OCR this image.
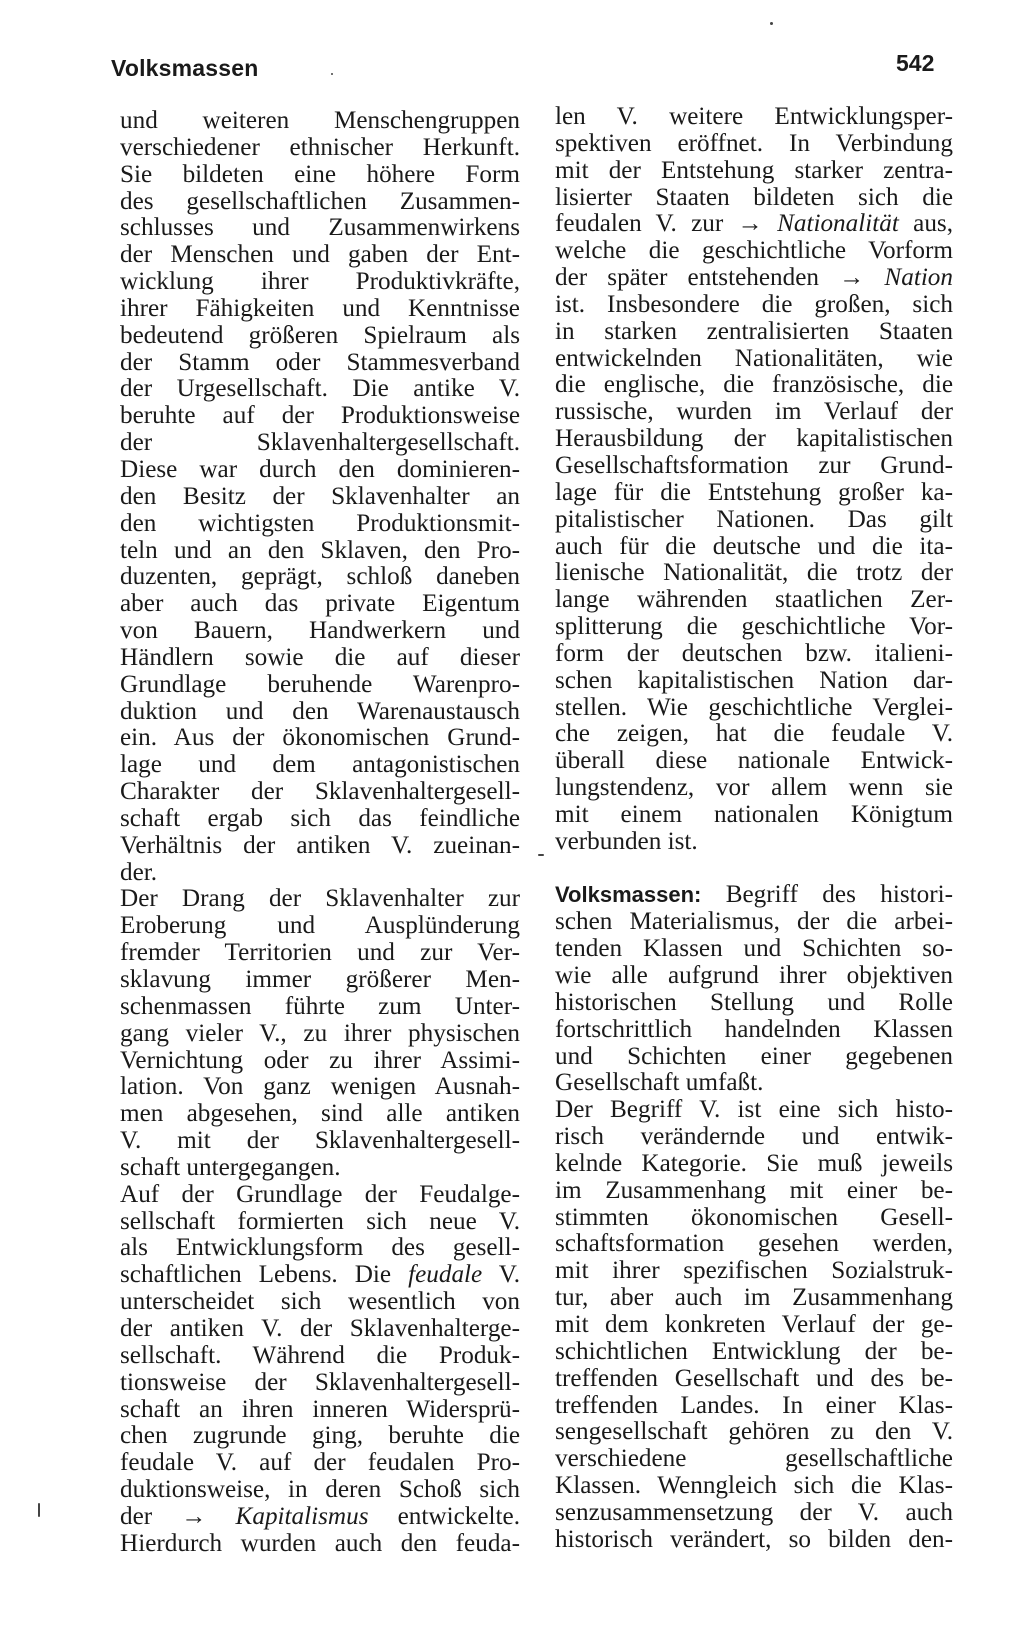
Volksmassen	542
und weiteren Menschengruppen
verschiedener ethnischer Herkunft.
Sie bildeten eine höhere Form
des gesellschaftlichen Zusammen-
schlusses und Zusammenwirkens
der Menschen und gaben der Ent-
wicklung ihrer Produktivkräfte,
ihrer Fähigkeiten und Kenntnisse
bedeutend größeren Spielraum als
der Stamm oder Stammesverband
der Urgesellschaft. Die antike V.
beruhte auf der Produktionsweise
der Sklavenhaltergesellschaft.
Diese war durch den dominieren-
den Besitz der Sklavenhalter an
den wichtigsten Produktionsmit-
teln und an den Sklaven, den Pro-
duzenten, geprägt, schloß daneben
aber auch das private Eigentum
von Bauern, Handwerkern und
Händlern sowie die auf dieser
Grundlage beruhende Warenpro-
duktion und den Warenaustausch
ein. Aus der ökonomischen Grund-
lage und dem antagonistischen
Charakter der Sklavenhaltergesell-
schaft ergab sich das feindliche
Verhältnis der antiken V. zueinan-
der.
Der Drang der Sklavenhalter zur
Eroberung und Ausplünderung
fremder Territorien und zur Ver-
sklavung immer größerer Men-
schenmassen führte zum Unter-
gang vieler V., zu ihrer physischen
Vernichtung oder zu ihrer Assimi-
lation. Von ganz wenigen Ausnah-
men abgesehen, sind alle antiken
V. mit der Sklavenhaltergesell-
schaft untergegangen.
Auf der Grundlage der Feudalge-
sellschaft formierten sich neue V.
als Entwicklungsform des gesell-
schaftlichen Lebens. Die feudale V.
unterscheidet sich wesentlich von
der antiken V. der Sklavenhalterge-
sellschaft. Während die Produk-
tionsweise der Sklavenhaltergesell-
schaft an ihren inneren Widersprü-
chen zugrunde ging, beruhte die
feudale V. auf der feudalen Pro-
duktionsweise, in deren Schoß sich
der → Kapitalismus entwickelte.
Hierdurch wurden auch den feuda-
len V. weitere Entwicklungsper-
spektiven eröffnet. In Verbindung
mit der Entstehung starker zentra-
lisierter Staaten bildeten sich die
feudalen V. zur → Nationalität aus,
welche die geschichtliche Vorform
der später entstehenden → Nation
ist. Insbesondere die großen, sich
in starken zentralisierten Staaten
entwickelnden Nationalitäten, wie
die englische, die französische, die
russische, wurden im Verlauf der
Herausbildung der kapitalistischen
Gesellschaftsformation zur Grund-
lage für die Entstehung großer ka-
pitalistischer Nationen. Das gilt
auch für die deutsche und die ita-
lienische Nationalität, die trotz der
lange währenden staatlichen Zer-
splitterung die geschichtliche Vor-
form der deutschen bzw. italieni-
schen kapitalistischen Nation dar-
stellen. Wie geschichtliche Verglei-
che zeigen, hat die feudale V.
überall diese nationale Entwick-
lungstendenz, vor allem wenn sie
mit einem nationalen Königtum
verbunden ist.
Volksmassen: Begriff des histori-
schen Materialismus, der die arbei-
tenden Klassen und Schichten so-
wie alle aufgrund ihrer objektiven
historischen Stellung und Rolle
fortschrittlich handelnden Klassen
und Schichten einer gegebenen
Gesellschaft umfaßt.
Der Begriff V. ist eine sich histo-
risch verändernde und entwik-
kelnde Kategorie. Sie muß jeweils
im Zusammenhang mit einer be-
stimmten ökonomischen Gesell-
schaftsformation gesehen werden,
mit ihrer spezifischen Sozialstruk-
tur, aber auch im Zusammenhang
mit dem konkreten Verlauf der ge-
schichtlichen Entwicklung der be-
treffenden Gesellschaft und des be-
treffenden Landes. In einer Klas-
sengesellschaft gehören zu den V.
verschiedene gesellschaftliche
Klassen. Wenngleich sich die Klas-
senzusammensetzung der V. auch
historisch verändert, so bilden den-
